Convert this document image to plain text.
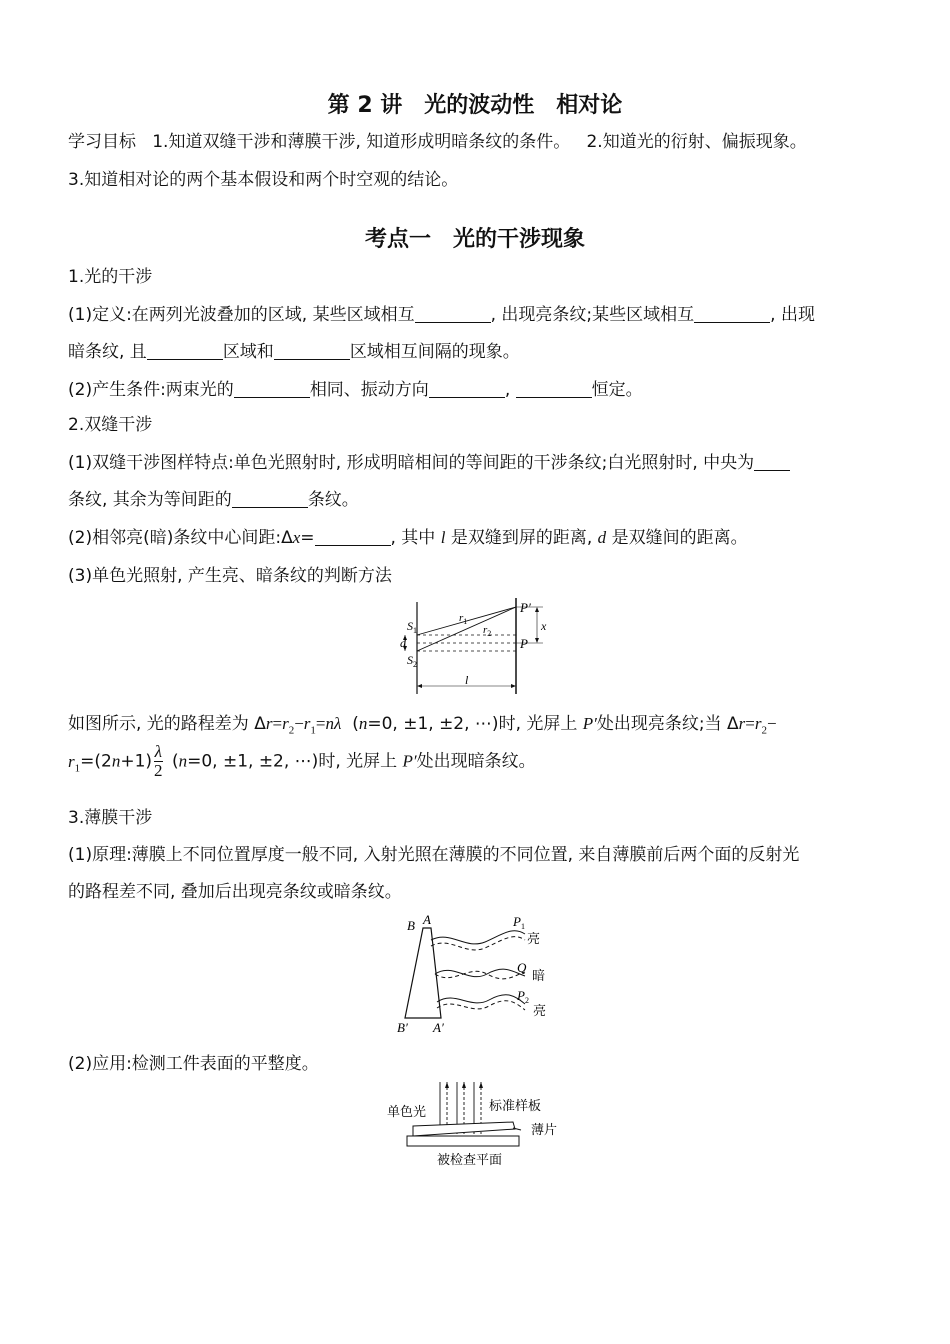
第 2 讲　光的波动性　相对论
学习目标 1.知道双缝干涉和薄膜干涉, 知道形成明暗条纹的条件。 2.知道光的衍射、偏振现象。
3.知道相对论的两个基本假设和两个时空观的结论。
考点一　光的干涉现象
1.光的干涉
(1)定义:在两列光波叠加的区域, 某些区域相互	, 出现亮条纹;某些区域相互	, 出现
暗条纹, 且	区域和	区域相互间隔的现象。
(2)产生条件:两束光的	相同、振动方向	,	恒定。
2.双缝干涉
(1)双缝干涉图样特点:单色光照射时, 形成明暗相间的等间距的干涉条纹;白光照射时, 中央为
条纹, 其余为等间距的	条纹。
(2)相邻亮(暗)条纹中心间距:Δx=	, 其中 l 是双缝到屏的距离, d 是双缝间的距离。
(3)单色光照射, 产生亮、暗条纹的判断方法
$S_1$
d
$S_2$
$r_1$
$r_2$
P′
P
x
l
如图所示, 光的路程差为 $\Delta r=r_2-r_1=n\lambda$ (n=0, ±1, ±2, ⋯)时, 光屏上 P′处出现亮条纹;当 $\Delta r=r_2-$
$r_1=(2n+1) \frac{\lambda}{2} (n=0$, ±1, ±2, ⋯)时, 光屏上 P′处出现暗条纹。
3.薄膜干涉
(1)原理:薄膜上不同位置厚度一般不同, 入射光照在薄膜的不同位置, 来自薄膜前后两个面的反射光
的路程差不同, 叠加后出现亮条纹或暗条纹。
B A
B′ A′
$P_1$
亮
Q
暗
$P_2$
亮
(2)应用:检测工件表面的平整度。
单色光	标准样板
薄片
被检查平面
